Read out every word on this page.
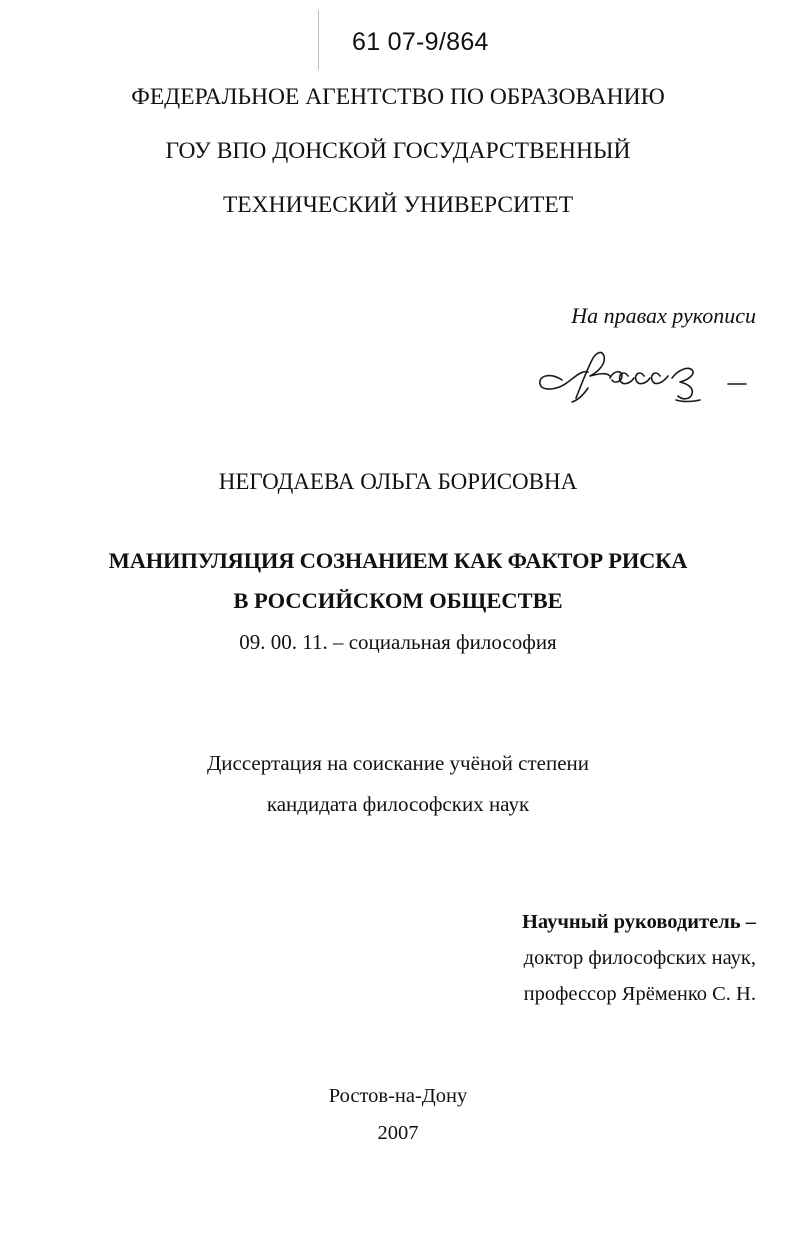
61 07-9/864
ФЕДЕРАЛЬНОЕ АГЕНТСТВО ПО ОБРАЗОВАНИЮ
ГОУ ВПО ДОНСКОЙ ГОСУДАРСТВЕННЫЙ
ТЕХНИЧЕСКИЙ УНИВЕРСИТЕТ
На правах рукописи
НЕГОДАЕВА ОЛЬГА БОРИСОВНА
МАНИПУЛЯЦИЯ СОЗНАНИЕМ КАК ФАКТОР РИСКА
В РОССИЙСКОМ ОБЩЕСТВЕ
09. 00. 11. – социальная философия
Диссертация на соискание учёной степени
кандидата философских наук
Научный руководитель –
доктор философских наук,
профессор Ярёменко С. Н.
Ростов-на-Дону
2007
